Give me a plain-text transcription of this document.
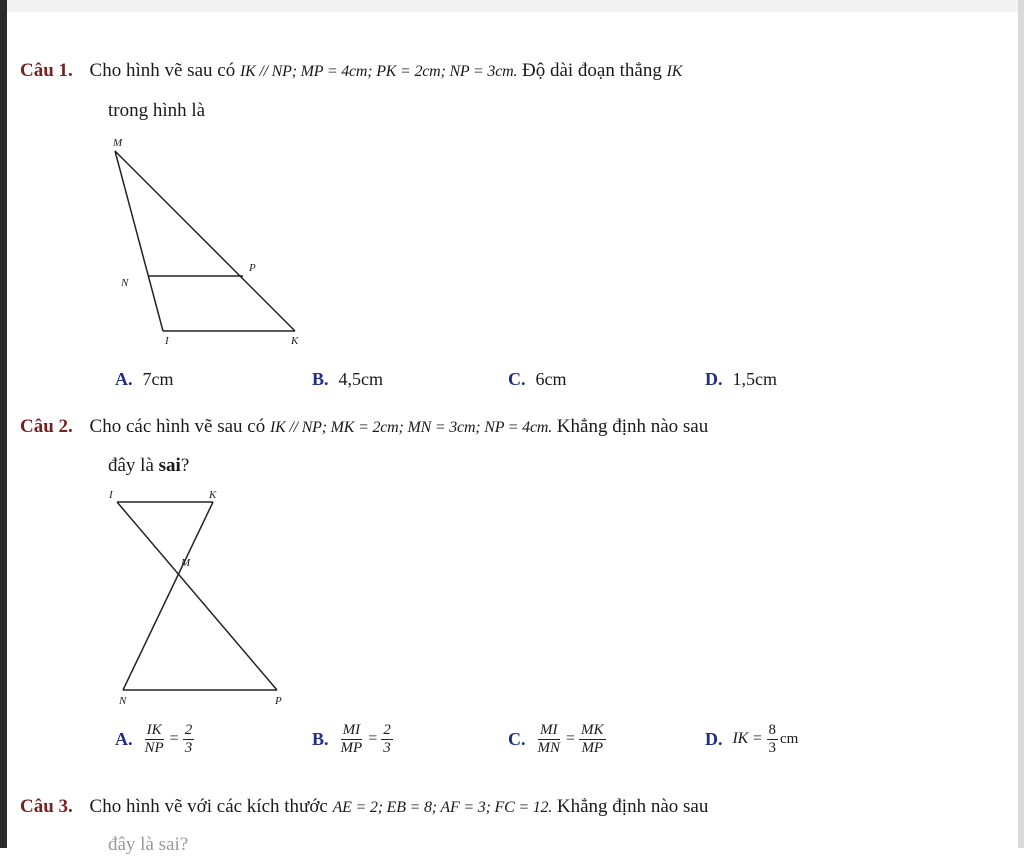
Câu 1. Cho hình vẽ sau có IK // NP; MP = 4cm; PK = 2cm; NP = 3cm. Độ dài đoạn thẳng IK
trong hình là
M
N
P
I	K
A. 7cm	B. 4,5cm	C. 6cm	D. 1,5cm
Câu 2. Cho các hình vẽ sau có IK // NP; MK = 2cm; MN = 3cm; NP = 4cm. Khẳng định nào sau
đây là sai?
I	K
M
N	P
A. $\frac{IK}{NP} = \frac{2}{3}$	B. $\frac{MI}{MP} = \frac{2}{3}$	C. $\frac{MI}{MN} = \frac{MK}{MP}$	D. IK = $\frac{8}{3}$ cm
Câu 3. Cho hình vẽ với các kích thước AE = 2; EB = 8; AF = 3; FC = 12. Khẳng định nào sau
đây là sai?
